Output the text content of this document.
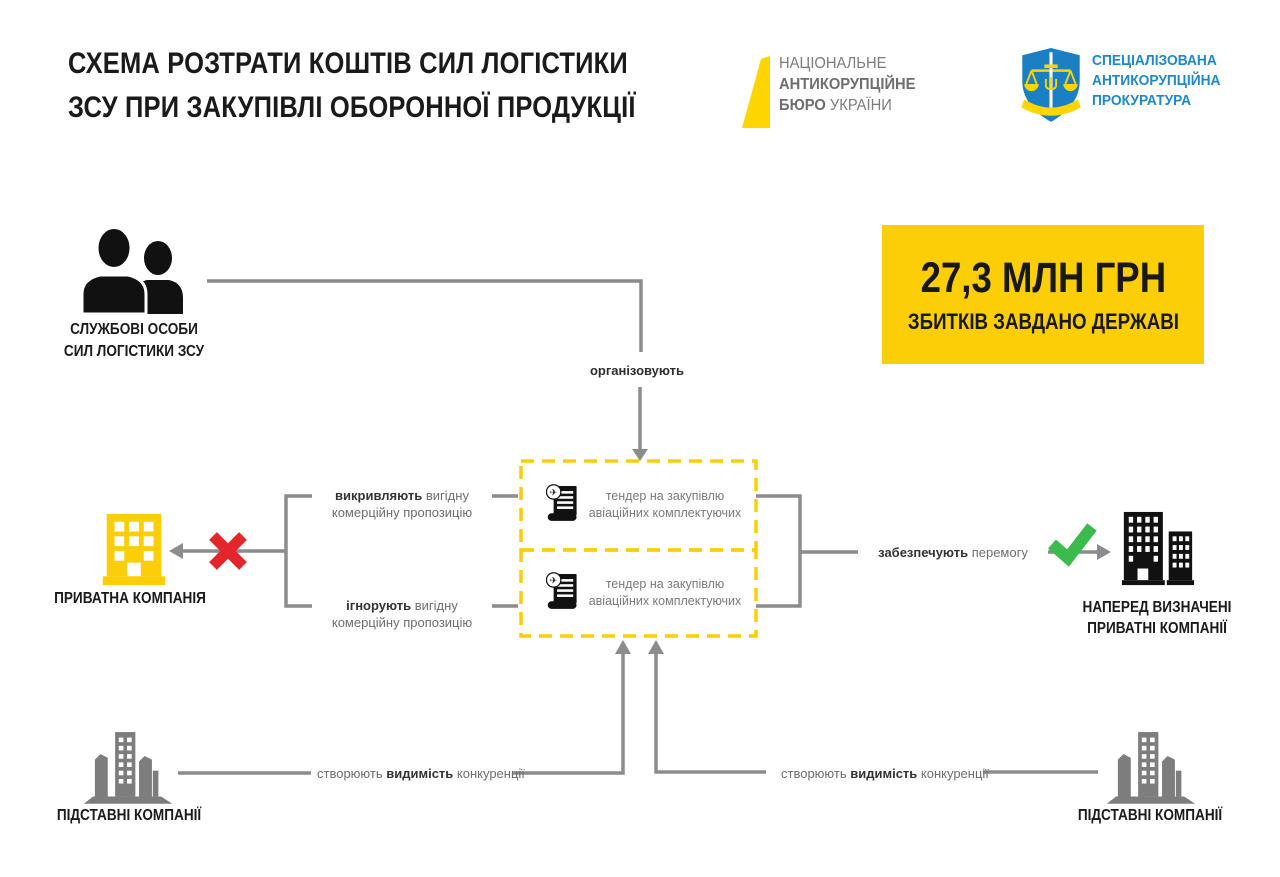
СХЕМА РОЗТРАТИ КОШТІВ СИЛ ЛОГІСТИКИ
ЗСУ ПРИ ЗАКУПІВЛІ ОБОРОННОЇ ПРОДУКЦІЇ
НАЦІОНАЛЬНЕ
АНТИКОРУПЦІЙНЕ
БЮРО УКРАЇНИ
СПЕЦІАЛІЗОВАНА
АНТИКОРУПЦІЙНА
ПРОКУРАТУРА
27,3 МЛН ГРН
ЗБИТКІВ ЗАВДАНО ДЕРЖАВІ
СЛУЖБОВІ ОСОБИ
СИЛ ЛОГІСТИКИ ЗСУ
організовують
✈	тендер на закупівлю
авіаційних комплектуючих
✈	тендер на закупівлю
авіаційних комплектуючих
викривляють вигідну
комерційну пропозицію
ігнорують вигідну
комерційну пропозицію
ПРИВАТНА КОМПАНІЯ
забезпечують перемогу
НАПЕРЕД ВИЗНАЧЕНІ
ПРИВАТНІ КОМПАНІЇ
ПІДСТАВНІ КОМПАНІЇ
створюють видимість конкуренції	створюють видимість конкуренції
ПІДСТАВНІ КОМПАНІЇ
